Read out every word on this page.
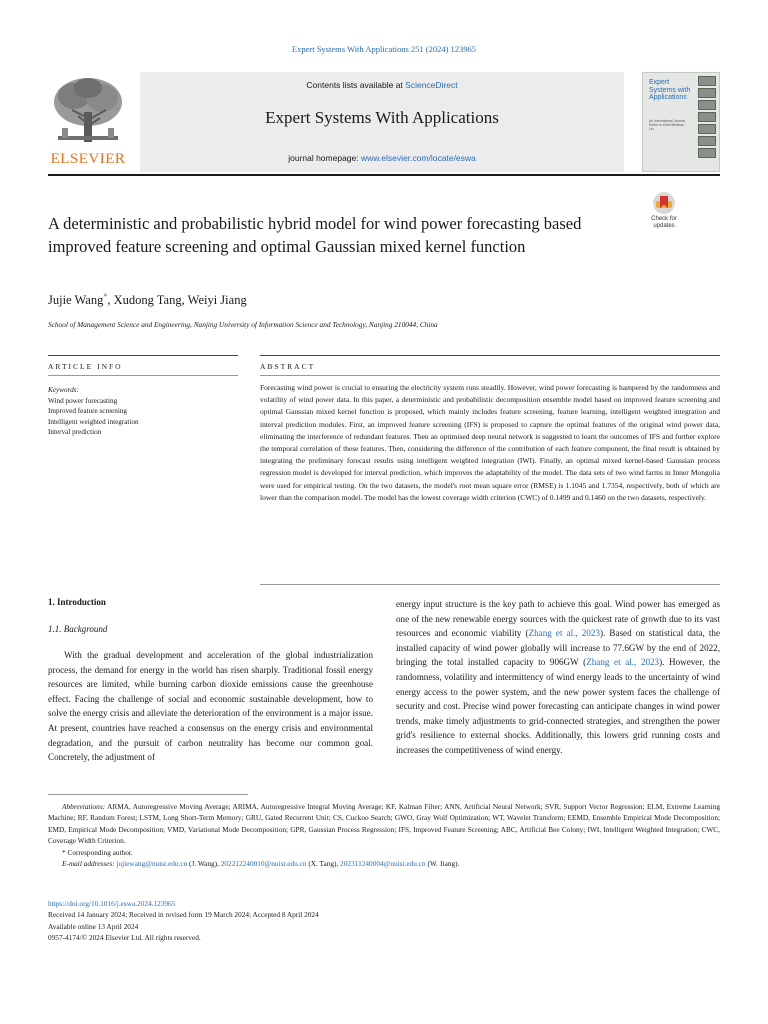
Expert Systems With Applications 251 (2024) 123965
ELSEVIER
Contents lists available at ScienceDirect
Expert Systems With Applications
journal homepage: www.elsevier.com/locate/eswa
Expert Systems with Applications
An International Journal
Editor-in-Chief Binshan Lin
A deterministic and probabilistic hybrid model for wind power forecasting based improved feature screening and optimal Gaussian mixed kernel function
Check for updates
Jujie Wang*, Xudong Tang, Weiyi Jiang
School of Management Science and Engineering, Nanjing University of Information Science and Technology, Nanjing 210044, China
ARTICLE INFO	ABSTRACT
Keywords:
Wind power forecasting
Improved feature screening
Intelligent weighted integration
Interval prediction
Forecasting wind power is crucial to ensuring the electricity system runs steadily. However, wind power forecasting is hampered by the randomness and volatility of wind power data. In this paper, a deterministic and probabilistic decomposition ensemble model based on improved feature screening and optimal Gaussian mixed kernel function is proposed, which mainly includes feature screening, feature learning, intelligent weighted integration and interval prediction modules. First, an improved feature screening (IFS) is proposed to capture the optimal features of the original wind power data, eliminating the interference of redundant features. Then an optimised deep neural network is suggested to learn the outcomes of IFS and further explore the temporal correlation of these features. Then, considering the difference of the contribution of each feature component, the final result is obtained by integrating the preliminary forecast results using intelligent weighted integration (IWI). Finally, an optimal mixed kernel-based Gaussian process regression model is developed for interval prediction, which improves the adaptability of the model. The data sets of two wind farms in Inner Mongolia were used for empirical testing. On the two datasets, the model's root mean square error (RMSE) is 1.1045 and 1.7354, respectively, both of which are lower than the comparison model. The model has the lowest coverage width criterion (CWC) of 0.1499 and 0.1460 on the two datasets, respectively.
1. Introduction
1.1. Background
With the gradual development and acceleration of the global industrialization process, the demand for energy in the world has risen sharply. Traditional fossil energy resources are limited, while burning carbon dioxide emissions cause the greenhouse effect. Facing the challenge of social and economic sustainable development, how to solve the energy crisis and alleviate the deterioration of the environment is a major issue. At present, countries have reached a consensus on the energy crisis and environmental degradation, and the pursuit of carbon neutrality has become our common goal. Concretely, the adjustment of
energy input structure is the key path to achieve this goal. Wind power has emerged as one of the new renewable energy sources with the quickest rate of growth due to its vast resources and economic viability (Zhang et al., 2023). Based on statistical data, the installed capacity of wind power globally will increase to 77.6GW by the end of 2022, bringing the total installed capacity to 906GW (Zhang et al., 2023). However, the randomness, volatility and intermittency of wind energy leads to the uncertainty of wind energy access to the power system, and the new power system faces the challenge of security and cost. Precise wind power forecasting can anticipate changes in wind power trends, make timely adjustments to grid-connected strategies, and strengthen the power grid's resilience to external shocks. Additionally, this lowers grid running costs and increases the competitiveness of wind energy.
Abbreviations: ARMA, Autoregressive Moving Average; ARIMA, Autoregressive Integral Moving Average; KF, Kalman Filter; ANN, Artificial Neural Network; SVR, Support Vector Regression; ELM, Extreme Learning Machine; RF, Random Forest; LSTM, Long Short-Term Memory; GRU, Gated Recurrent Unit; CS, Cuckoo Search; GWO, Gray Wolf Optimization; WT, Wavelet Transform; EEMD, Ensemble Empirical Mode Decomposition; EMD, Empirical Mode Decomposition; VMD, Variational Mode Decomposition; GPR, Gaussian Process Regression; IFS, Improved Feature Screening; ABC, Artificial Bee Colony; IWI, Intelligent Weighted Integration; CWC, Coverage Width Criterion.
* Corresponding author.
E-mail addresses: jujiewang@nuist.edu.cn (J. Wang), 202212240010@nuist.edu.cn (X. Tang), 202311240004@nuist.edu.cn (W. Jiang).
https://doi.org/10.1016/j.eswa.2024.123965
Received 14 January 2024; Received in revised form 19 March 2024; Accepted 8 April 2024
Available online 13 April 2024
0957-4174/© 2024 Elsevier Ltd. All rights reserved.
